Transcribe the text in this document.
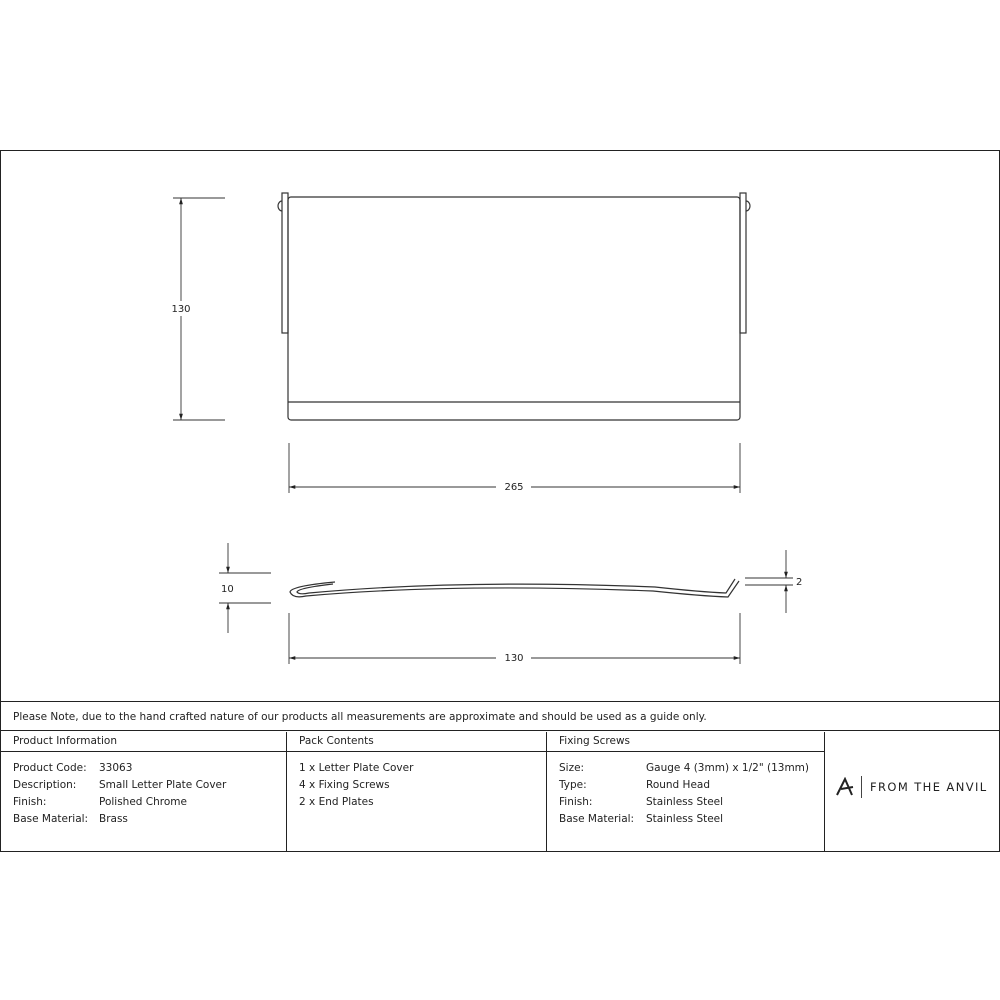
130
265
10
2
130
Please Note, due to the hand crafted nature of our products all measurements are approximate and should be used as a guide only.
Product Information
Product Code:	33063
Description:	Small Letter Plate Cover
Finish:	Polished Chrome
Base Material:	Brass
Pack Contents
1 x Letter Plate Cover
4 x Fixing Screws
2 x End Plates
Fixing Screws
Size:	Gauge 4 (3mm) x 1/2" (13mm)
Type:	Round Head
Finish:	Stainless Steel
Base Material:	Stainless Steel
FROM THE ANVIL
